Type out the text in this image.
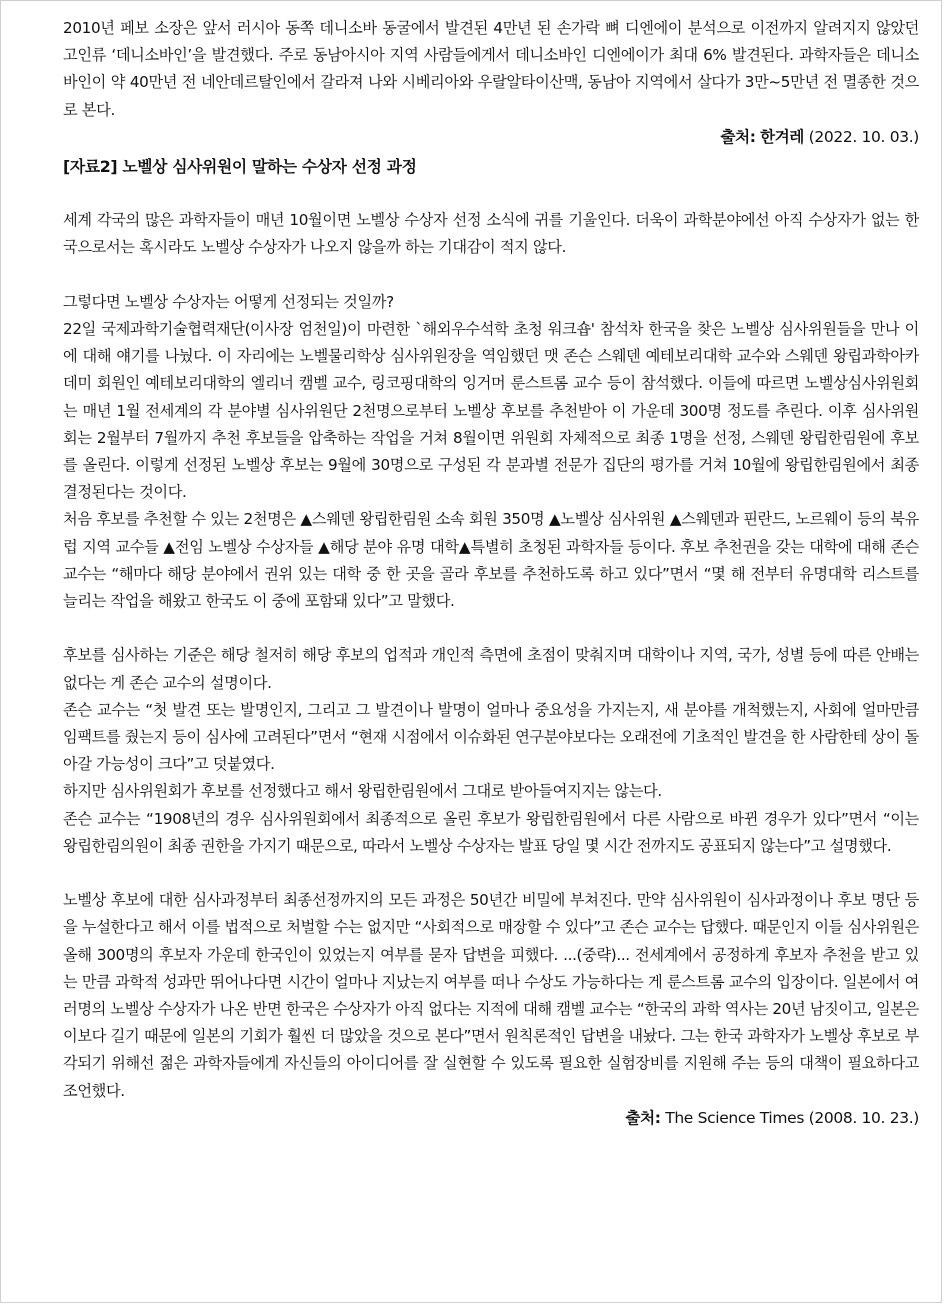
2010년 페보 소장은 앞서 러시아 동쪽 데니소바 동굴에서 발견된 4만년 된 손가락 뼈 디엔에이 분석으로 이전까지 알려지지 않았던 고인류 ‘데니소바인’을 발견했다. 주로 동남아시아 지역 사람들에게서 데니소바인 디엔에이가 최대 6% 발견된다. 과학자들은 데니소바인이 약 40만년 전 네안데르탈인에서 갈라져 나와 시베리아와 우랄알타이산맥, 동남아 지역에서 살다가 3만~5만년 전 멸종한 것으로 본다.

출처: 한겨레 (2022. 10. 03.)
[자료2] 노벨상 심사위원이 말하는 수상자 선정 과정

세계 각국의 많은 과학자들이 매년 10월이면 노벨상 수상자 선정 소식에 귀를 기울인다. 더욱이 과학분야에선 아직 수상자가 없는 한국으로서는 혹시라도 노벨상 수상자가 나오지 않을까 하는 기대감이 적지 않다.

그렇다면 노벨상 수상자는 어떻게 선정되는 것일까?

22일 국제과학기술협력재단(이사장 엄천일)이 마련한 `해외우수석학 초청 워크숍' 참석차 한국을 찾은 노벨상 심사위원들을 만나 이에 대해 얘기를 나눴다. 이 자리에는 노벨물리학상 심사위원장을 역임했던 맷 존슨 스웨덴 예테보리대학 교수와 스웨덴 왕립과학아카데미 회원인 예테보리대학의 엘리너 캠벨 교수, 링코핑대학의 잉거머 룬스트롬 교수 등이 참석했다. 이들에 따르면 노벨상심사위원회는 매년 1월 전세계의 각 분야별 심사위원단 2천명으로부터 노벨상 후보를 추천받아 이 가운데 300명 정도를 추린다. 이후 심사위원회는 2월부터 7월까지 추천 후보들을 압축하는 작업을 거쳐 8월이면 위원회 자체적으로 최종 1명을 선정, 스웨덴 왕립한림원에 후보를 올린다. 이렇게 선정된 노벨상 후보는 9월에 30명으로 구성된 각 분과별 전문가 집단의 평가를 거쳐 10월에 왕립한림원에서 최종 결정된다는 것이다.

처음 후보를 추천할 수 있는 2천명은 ▲스웨덴 왕립한림원 소속 회원 350명 ▲노벨상 심사위원 ▲스웨덴과 핀란드, 노르웨이 등의 북유럽 지역 교수들 ▲전임 노벨상 수상자들 ▲해당 분야 유명 대학▲특별히 초청된 과학자들 등이다. 후보 추천권을 갖는 대학에 대해 존슨 교수는 “해마다 해당 분야에서 권위 있는 대학 중 한 곳을 골라 후보를 추천하도록 하고 있다”면서 “몇 해 전부터 유명대학 리스트를 늘리는 작업을 해왔고 한국도 이 중에 포함돼 있다”고 말했다.

후보를 심사하는 기준은 해당 철저히 해당 후보의 업적과 개인적 측면에 초점이 맞춰지며 대학이나 지역, 국가, 성별 등에 따른 안배는 없다는 게 존슨 교수의 설명이다.

존슨 교수는 “첫 발견 또는 발명인지, 그리고 그 발견이나 발명이 얼마나 중요성을 가지는지, 새 분야를 개척했는지, 사회에 얼마만큼 임팩트를 줬는지 등이 심사에 고려된다”면서 “현재 시점에서 이슈화된 연구분야보다는 오래전에 기초적인 발견을 한 사람한테 상이 돌아갈 가능성이 크다”고 덧붙였다.

하지만 심사위원회가 후보를 선정했다고 해서 왕립한림원에서 그대로 받아들여지지는 않는다.

존슨 교수는 “1908년의 경우 심사위원회에서 최종적으로 올린 후보가 왕립한림원에서 다른 사람으로 바뀐 경우가 있다”면서 “이는 왕립한림의원이 최종 권한을 가지기 때문으로, 따라서 노벨상 수상자는 발표 당일 몇 시간 전까지도 공표되지 않는다”고 설명했다.

노벨상 후보에 대한 심사과정부터 최종선정까지의 모든 과정은 50년간 비밀에 부쳐진다. 만약 심사위원이 심사과정이나 후보 명단 등을 누설한다고 해서 이를 법적으로 처벌할 수는 없지만 “사회적으로 매장할 수 있다”고 존슨 교수는 답했다. 때문인지 이들 심사위원은 올해 300명의 후보자 가운데 한국인이 있었는지 여부를 묻자 답변을 피했다. ...(중략)... 전세계에서 공정하게 후보자 추천을 받고 있는 만큼 과학적 성과만 뛰어나다면 시간이 얼마나 지났는지 여부를 떠나 수상도 가능하다는 게 룬스트롬 교수의 입장이다. 일본에서 여러명의 노벨상 수상자가 나온 반면 한국은 수상자가 아직 없다는 지적에 대해 캠벨 교수는 “한국의 과학 역사는 20년 남짓이고, 일본은 이보다 길기 때문에 일본의 기회가 훨씬 더 많았을 것으로 본다”면서 원칙론적인 답변을 내놨다. 그는 한국 과학자가 노벨상 후보로 부각되기 위해선 젊은 과학자들에게 자신들의 아이디어를 잘 실현할 수 있도록 필요한 실험장비를 지원해 주는 등의 대책이 필요하다고 조언했다.

출처: The Science Times (2008. 10. 23.)
